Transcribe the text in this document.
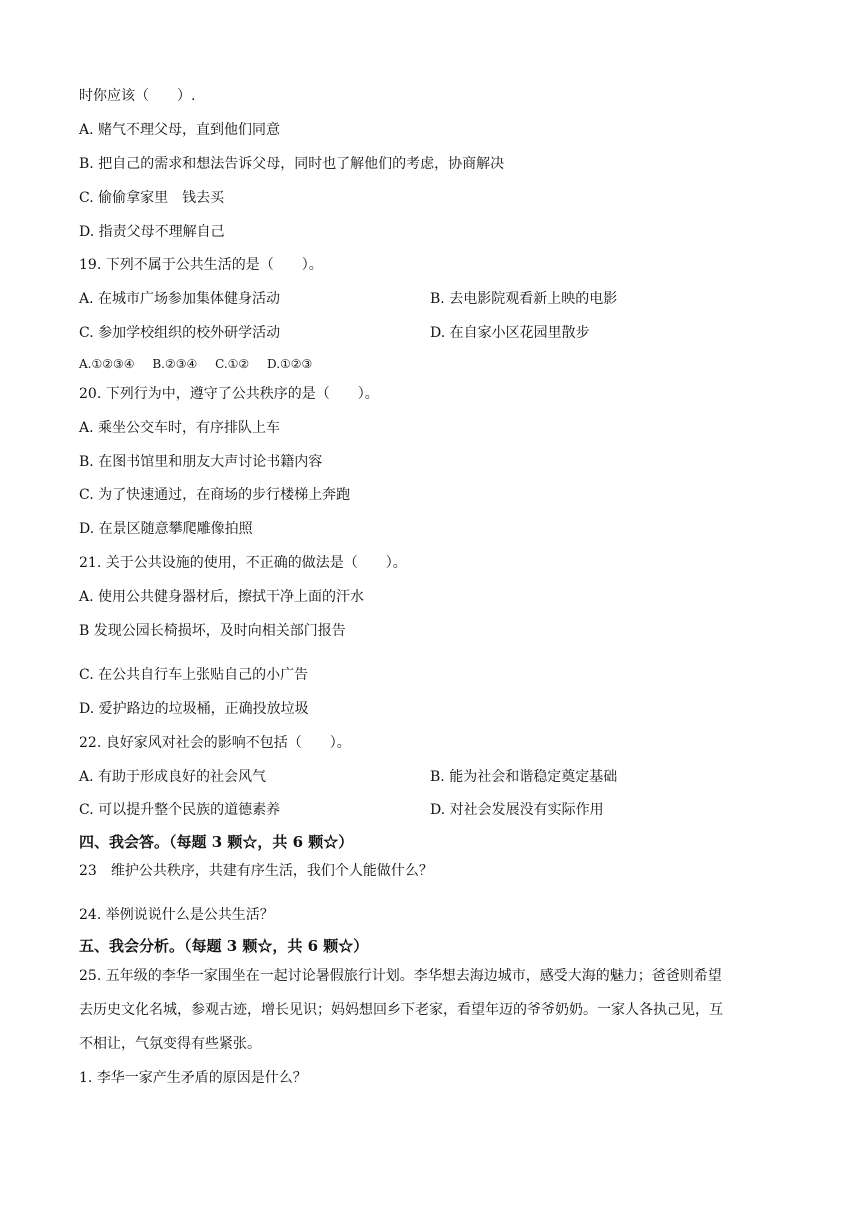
时你应该（　　）.
A. 赌气不理父母，直到他们同意
B. 把自己的需求和想法告诉父母，同时也了解他们的考虑，协商解决
C. 偷偷拿家里　钱去买
D. 指责父母不理解自己
19. 下列不属于公共生活的是（　　）。
A. 在城市广场参加集体健身活动	B. 去电影院观看新上映的电影
C. 参加学校组织的校外研学活动	D. 在自家小区花园里散步
A.①②③④ B.②③④ C.①② D.①②③
20. 下列行为中，遵守了公共秩序的是（　　）。
A. 乘坐公交车时，有序排队上车
B. 在图书馆里和朋友大声讨论书籍内容
C. 为了快速通过，在商场的步行楼梯上奔跑
D. 在景区随意攀爬雕像拍照
21. 关于公共设施的使用，不正确的做法是（　　）。
A. 使用公共健身器材后，擦拭干净上面的汗水
B 发现公园长椅损坏，及时向相关部门报告
C. 在公共自行车上张贴自己的小广告
D. 爱护路边的垃圾桶，正确投放垃圾
22. 良好家风对社会的影响不包括（　　）。
A. 有助于形成良好的社会风气	B. 能为社会和谐稳定奠定基础
C. 可以提升整个民族的道德素养	D. 对社会发展没有实际作用
四、我会答。（每题 3 颗☆，共 6 颗☆）
23　维护公共秩序，共建有序生活，我们个人能做什么？
24. 举例说说什么是公共生活？
五、我会分析。（每题 3 颗☆，共 6 颗☆）
25. 五年级的李华一家围坐在一起讨论暑假旅行计划。李华想去海边城市，感受大海的魅力；爸爸则希望
去历史文化名城，参观古迹，增长见识；妈妈想回乡下老家，看望年迈的爷爷奶奶。一家人各执己见，互
不相让，气氛变得有些紧张。
1. 李华一家产生矛盾的原因是什么？
